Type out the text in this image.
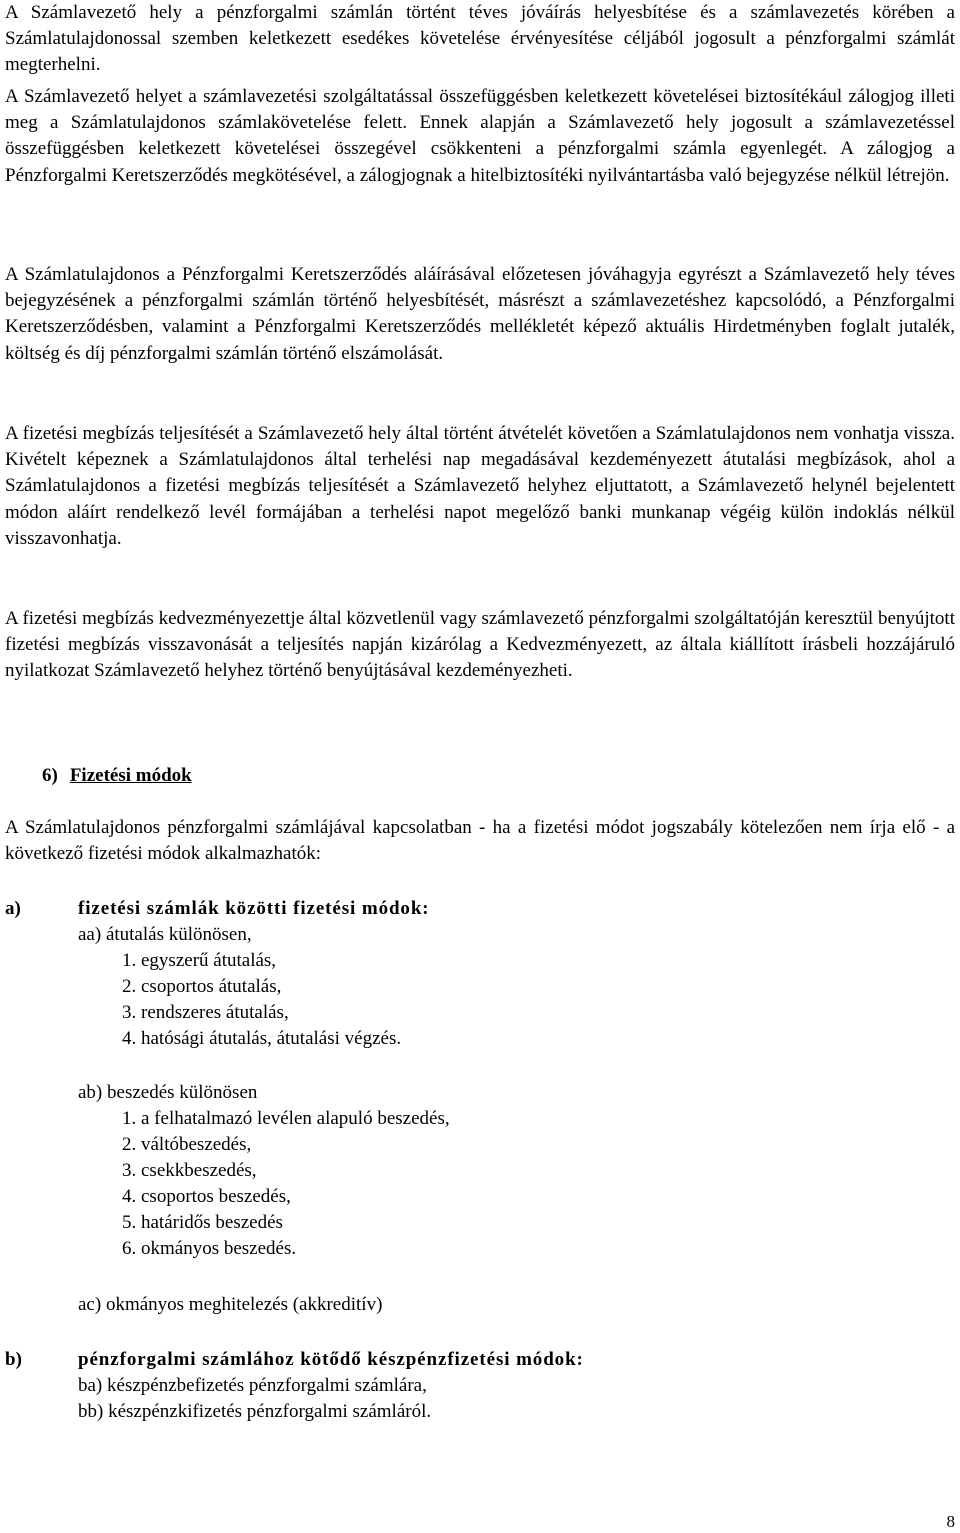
A Számlavezető hely a pénzforgalmi számlán történt téves jóváírás helyesbítése és a számlavezetés körében a Számlatulajdonossal szemben keletkezett esedékes követelése érvényesítése céljából jogosult a pénzforgalmi számlát megterhelni.

A Számlavezető helyet a számlavezetési szolgáltatással összefüggésben keletkezett követelései biztosítékául zálogjog illeti meg a Számlatulajdonos számlakövetelése felett. Ennek alapján a Számlavezető hely jogosult a számlavezetéssel összefüggésben keletkezett követelései összegével csökkenteni a pénzforgalmi számla egyenlegét. A zálogjog a Pénzforgalmi Keretszerződés megkötésével, a zálogjognak a hitelbiztosítéki nyilvántartásba való bejegyzése nélkül létrejön.

A Számlatulajdonos a Pénzforgalmi Keretszerződés aláírásával előzetesen jóváhagyja egyrészt a Számlavezető hely téves bejegyzésének a pénzforgalmi számlán történő helyesbítését, másrészt a számlavezetéshez kapcsolódó, a Pénzforgalmi Keretszerződésben, valamint a Pénzforgalmi Keretszerződés mellékletét képező aktuális Hirdetményben foglalt jutalék, költség és díj pénzforgalmi számlán történő elszámolását.

A fizetési megbízás teljesítését a Számlavezető hely által történt átvételét követően a Számlatulajdonos nem vonhatja vissza. Kivételt képeznek a Számlatulajdonos által terhelési nap megadásával kezdeményezett átutalási megbízások, ahol a Számlatulajdonos a fizetési megbízás teljesítését a Számlavezető helyhez eljuttatott, a Számlavezető helynél bejelentett módon aláírt rendelkező levél formájában a terhelési napot megelőző banki munkanap végéig külön indoklás nélkül visszavonhatja.

A fizetési megbízás kedvezményezettje által közvetlenül vagy számlavezető pénzforgalmi szolgáltatóján keresztül benyújtott fizetési megbízás visszavonását a teljesítés napján kizárólag a Kedvezményezett, az általa kiállított írásbeli hozzájáruló nyilatkozat Számlavezető helyhez történő benyújtásával kezdeményezheti.

6) Fizetési módok

A Számlatulajdonos pénzforgalmi számlájával kapcsolatban - ha a fizetési módot jogszabály kötelezően nem írja elő - a következő fizetési módok alkalmazhatók:

a)	fizetési számlák közötti fizetési módok:
aa) átutalás különösen,
1. egyszerű átutalás,
2. csoportos átutalás,
3. rendszeres átutalás,
4. hatósági átutalás, átutalási végzés.
ab) beszedés különösen
1. a felhatalmazó levélen alapuló beszedés,
2. váltóbeszedés,
3. csekkbeszedés,
4. csoportos beszedés,
5. határidős beszedés
6. okmányos beszedés.
ac) okmányos meghitelezés (akkreditív)
b)	pénzforgalmi számlához kötődő készpénzfizetési módok:
ba) készpénzbefizetés pénzforgalmi számlára,
bb) készpénzkifizetés pénzforgalmi számláról.
8
